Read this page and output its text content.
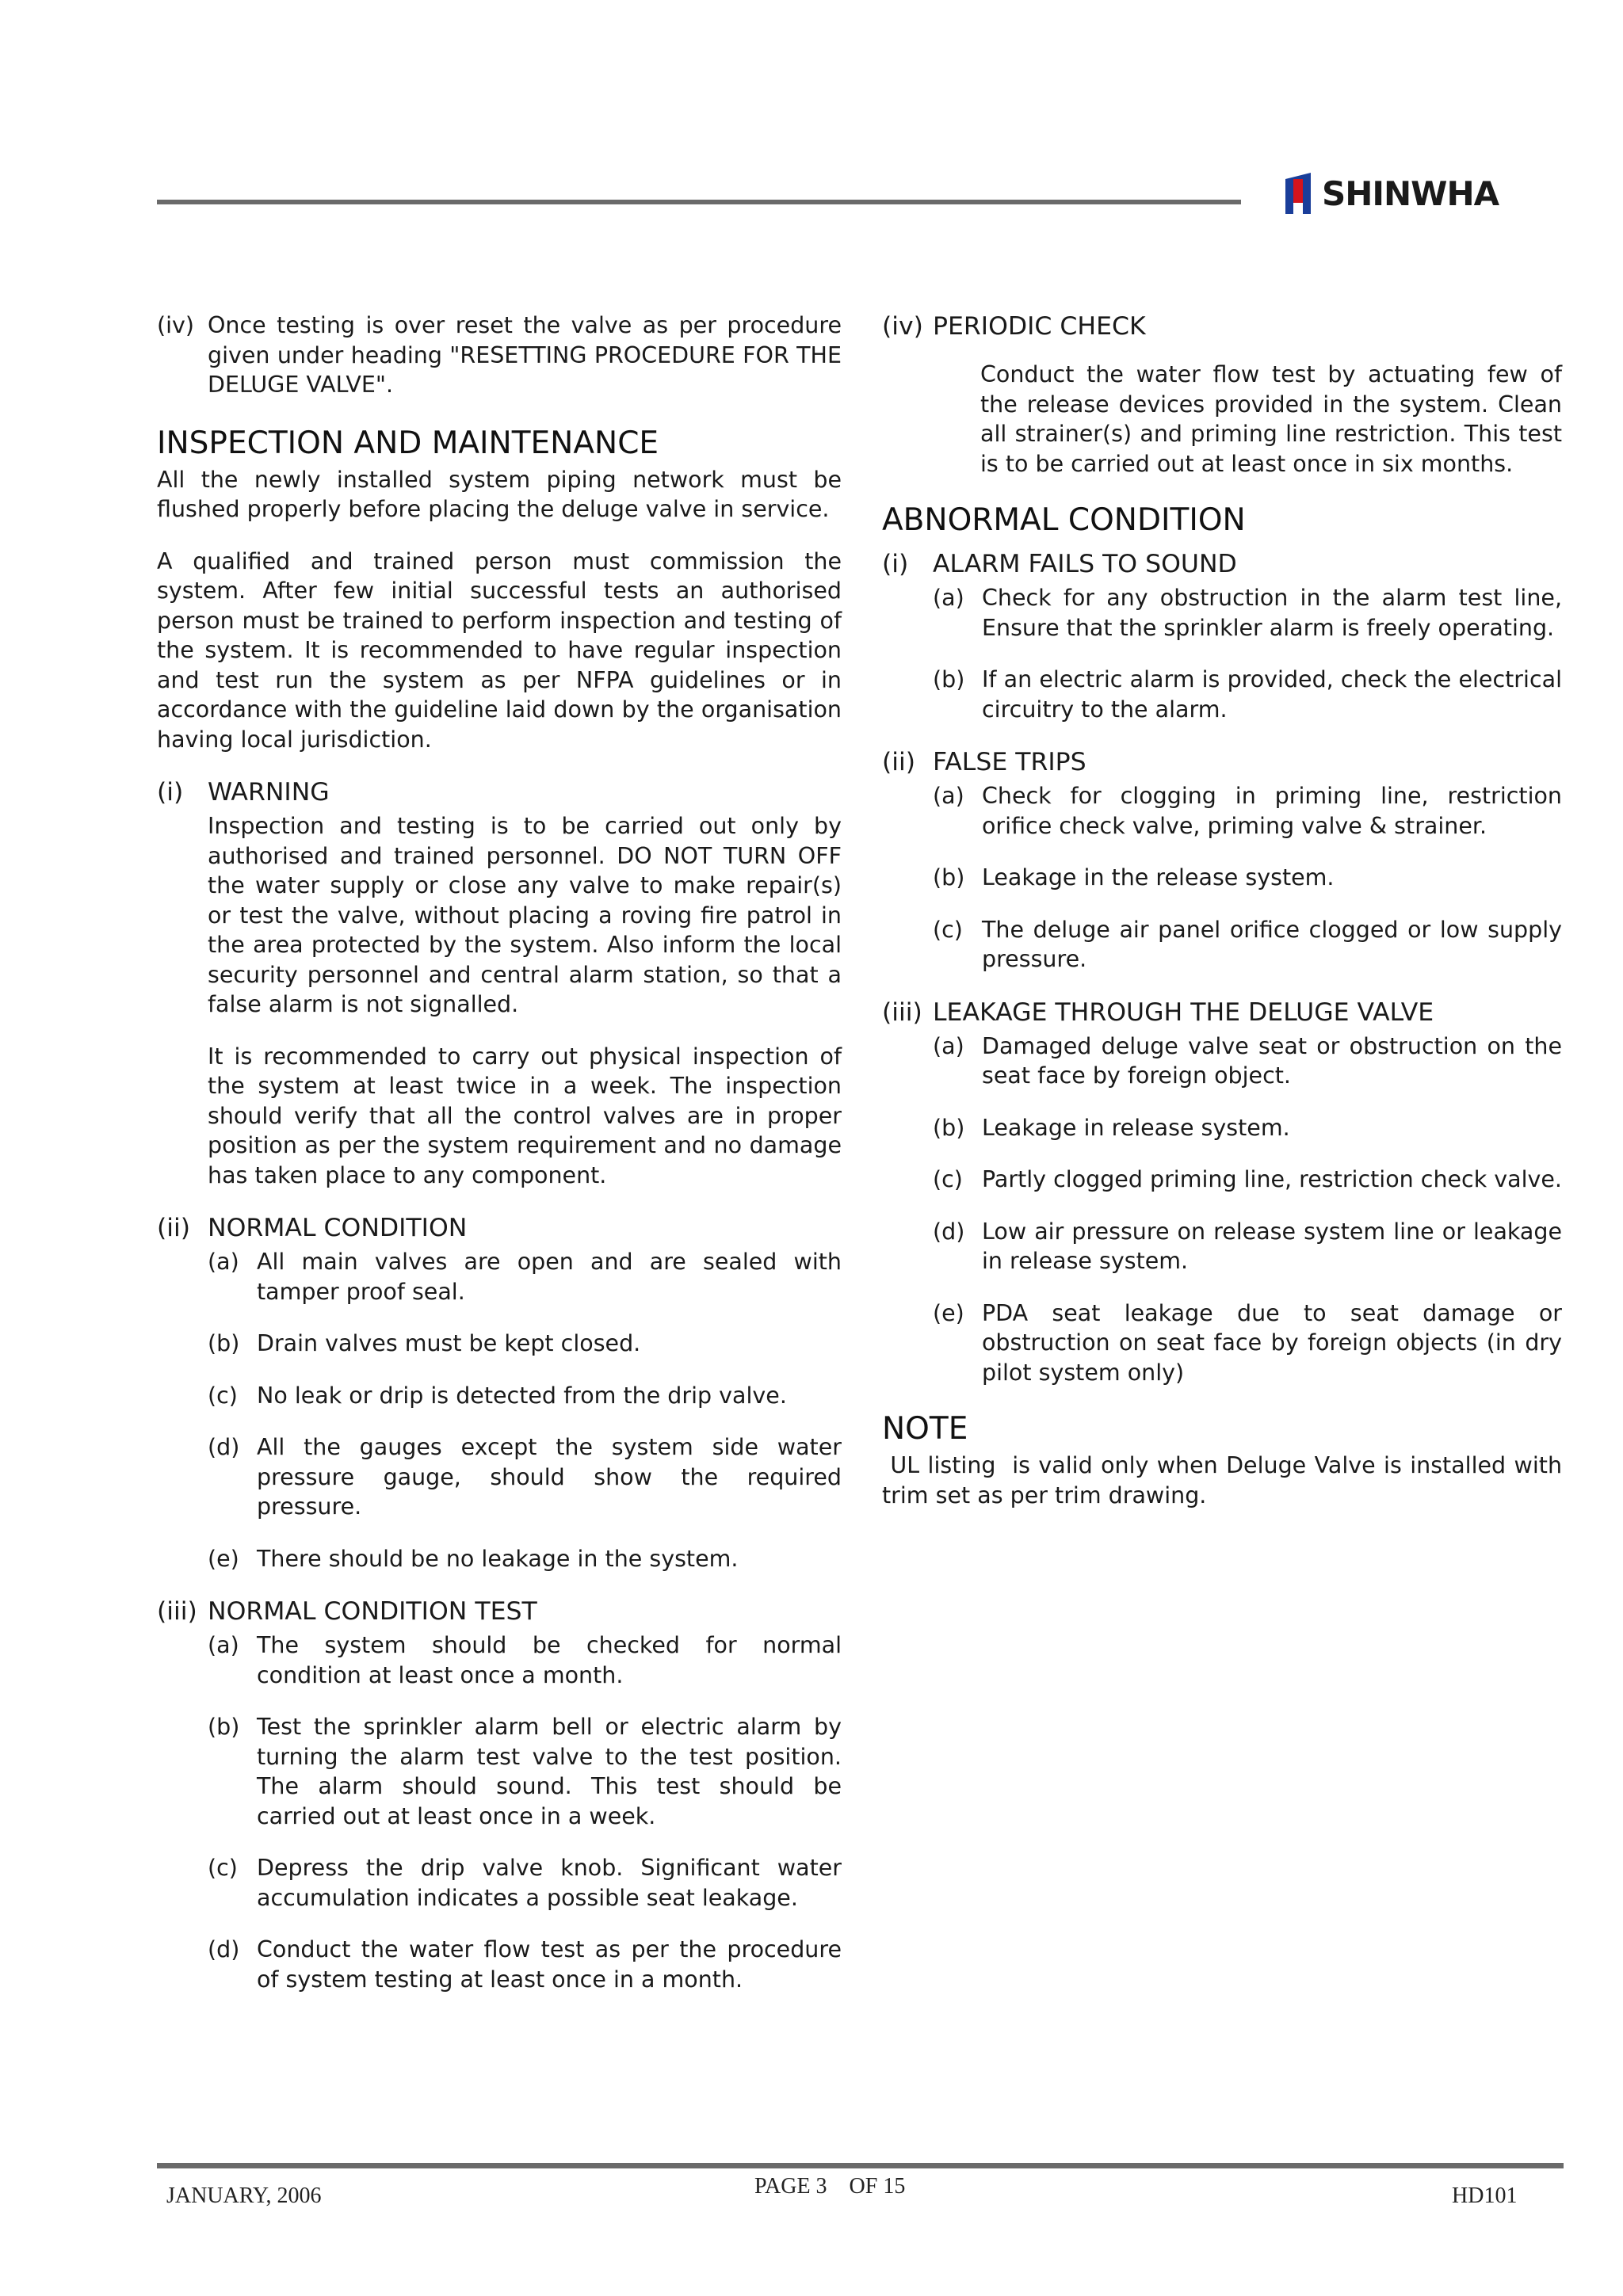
SHINWHA
(iv) Once testing is over reset the valve as per procedure given under heading "RESETTING PROCEDURE FOR THE DELUGE VALVE".
INSPECTION AND MAINTENANCE

All the newly installed system piping network must be flushed properly before placing the deluge valve in service.

A qualified and trained person must commission the system. After few initial successful tests an authorised person must be trained to perform inspection and testing of the system. It is recommended to have regular inspection and test run the system as per NFPA guidelines or in accordance with the guideline laid down by the organisation having local jurisdiction.

(i) WARNING

Inspection and testing is to be carried out only by authorised and trained personnel. DO NOT TURN OFF the water supply or close any valve to make repair(s) or test the valve, without placing a roving fire patrol in the area protected by the system. Also inform the local security personnel and central alarm station, so that a false alarm is not signalled.

It is recommended to carry out physical inspection of the system at least twice in a week. The inspection should verify that all the control valves are in proper position as per the system requirement and no damage has taken place to any component.

(ii) NORMAL CONDITION
(a) All main valves are open and are sealed with tamper proof seal.
(b) Drain valves must be kept closed.
(c) No leak or drip is detected from the drip valve.
(d) All the gauges except the system side water pressure gauge, should show the required pressure.
(e) There should be no leakage in the system.
(iii) NORMAL CONDITION TEST
(a) The system should be checked for normal condition at least once a month.
(b) Test the sprinkler alarm bell or electric alarm by turning the alarm test valve to the test position. The alarm should sound. This test should be carried out at least once in a week.
(c) Depress the drip valve knob. Significant water accumulation indicates a possible seat leakage.
(d) Conduct the water flow test as per the procedure of system testing at least once in a month.
(iv) PERIODIC CHECK

Conduct the water flow test by actuating few of the release devices provided in the system. Clean all strainer(s) and priming line restriction. This test is to be carried out at least once in six months.

ABNORMAL CONDITION
(i) ALARM FAILS TO SOUND
(a) Check for any obstruction in the alarm test line, Ensure that the sprinkler alarm is freely operating.
(b) If an electric alarm is provided, check the electrical circuitry to the alarm.
(ii) FALSE TRIPS
(a) Check for clogging in priming line, restriction orifice check valve, priming valve & strainer.
(b) Leakage in the release system.
(c) The deluge air panel orifice clogged or low supply pressure.
(iii) LEAKAGE THROUGH THE DELUGE VALVE
(a) Damaged deluge valve seat or obstruction on the seat face by foreign object.
(b) Leakage in release system.
(c) Partly clogged priming line, restriction check valve.
(d) Low air pressure on release system line or leakage in release system.
(e) PDA seat leakage due to seat damage or obstruction on seat face by foreign objects (in dry pilot system only)
NOTE

UL listing  is valid only when Deluge Valve is installed with trim set as per trim drawing.

JANUARY, 2006	PAGE 3    OF 15	HD101
